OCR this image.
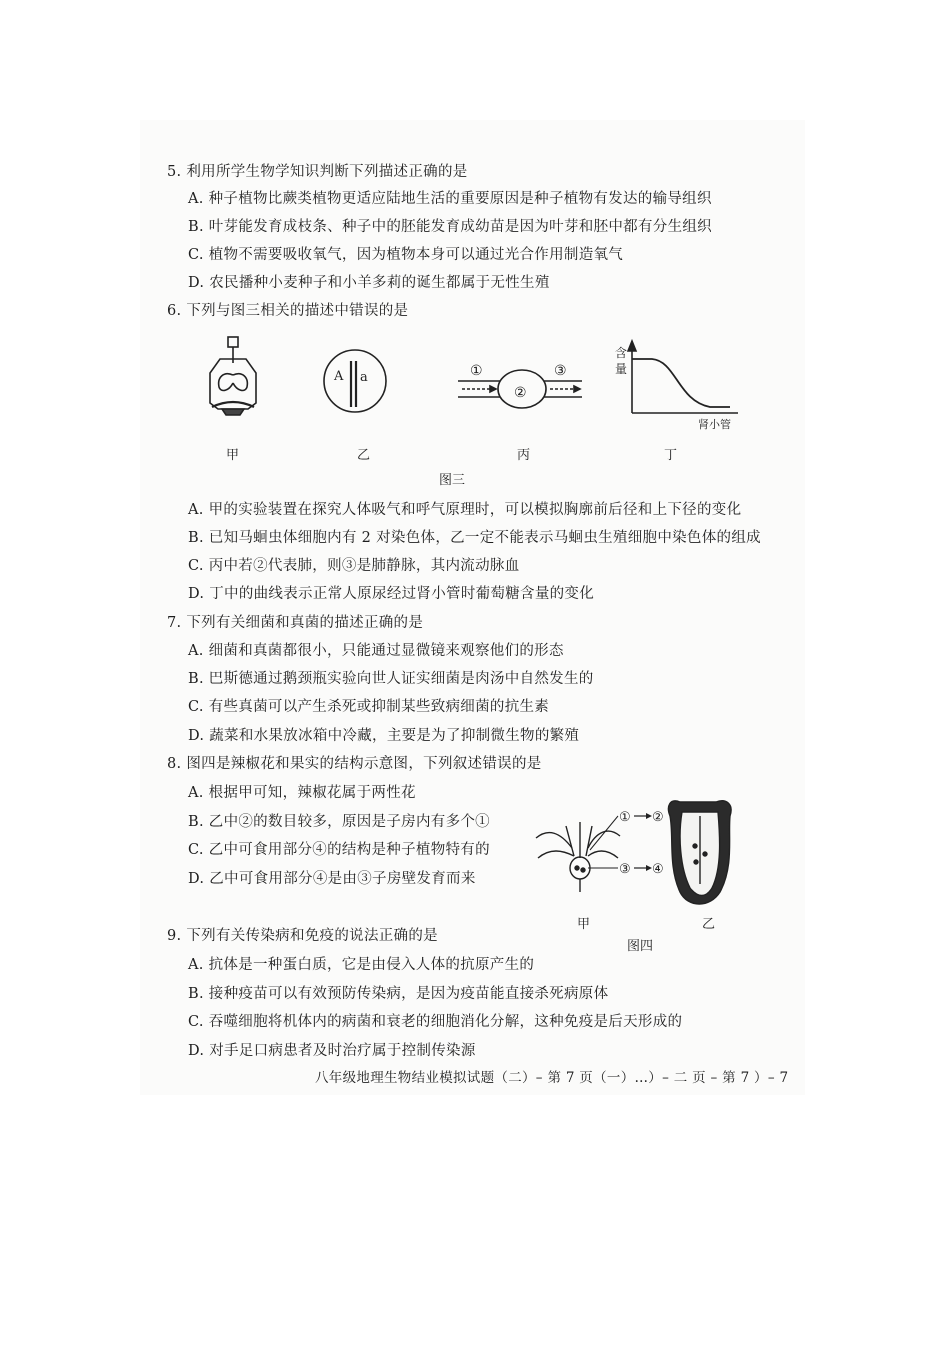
5. 利用所学生物学知识判断下列描述正确的是
A. 种子植物比蕨类植物更适应陆地生活的重要原因是种子植物有发达的输导组织
B. 叶芽能发育成枝条、种子中的胚能发育成幼苗是因为叶芽和胚中都有分生组织
C. 植物不需要吸收氧气，因为植物本身可以通过光合作用制造氧气
D. 农民播种小麦种子和小羊多莉的诞生都属于无性生殖
6. 下列与图三相关的描述中错误的是
A a	①
②
③
含
量
肾小管
甲	乙	丙	丁
图三
A. 甲的实验装置在探究人体吸气和呼气原理时，可以模拟胸廓前后径和上下径的变化
B. 已知马蛔虫体细胞内有 2 对染色体，乙一定不能表示马蛔虫生殖细胞中染色体的组成
C. 丙中若②代表肺，则③是肺静脉，其内流动脉血
D. 丁中的曲线表示正常人原尿经过肾小管时葡萄糖含量的变化
7. 下列有关细菌和真菌的描述正确的是
A. 细菌和真菌都很小，只能通过显微镜来观察他们的形态
B. 巴斯德通过鹅颈瓶实验向世人证实细菌是肉汤中自然发生的
C. 有些真菌可以产生杀死或抑制某些致病细菌的抗生素
D. 蔬菜和水果放冰箱中冷藏，主要是为了抑制微生物的繁殖
8. 图四是辣椒花和果实的结构示意图，下列叙述错误的是
A. 根据甲可知，辣椒花属于两性花
B. 乙中②的数目较多，原因是子房内有多个①
C. 乙中可食用部分④的结构是种子植物特有的
D. 乙中可食用部分④是由③子房壁发育而来
① ②
③ ④
甲	乙
图四
9. 下列有关传染病和免疫的说法正确的是
A. 抗体是一种蛋白质，它是由侵入人体的抗原产生的
B. 接种疫苗可以有效预防传染病，是因为疫苗能直接杀死病原体
C. 吞噬细胞将机体内的病菌和衰老的细胞消化分解，这种免疫是后天形成的
D. 对手足口病患者及时治疗属于控制传染源
八年级地理生物结业模拟试题（二）– 第 7 页（一）…）– 二 页 – 第 7 ）– 7
